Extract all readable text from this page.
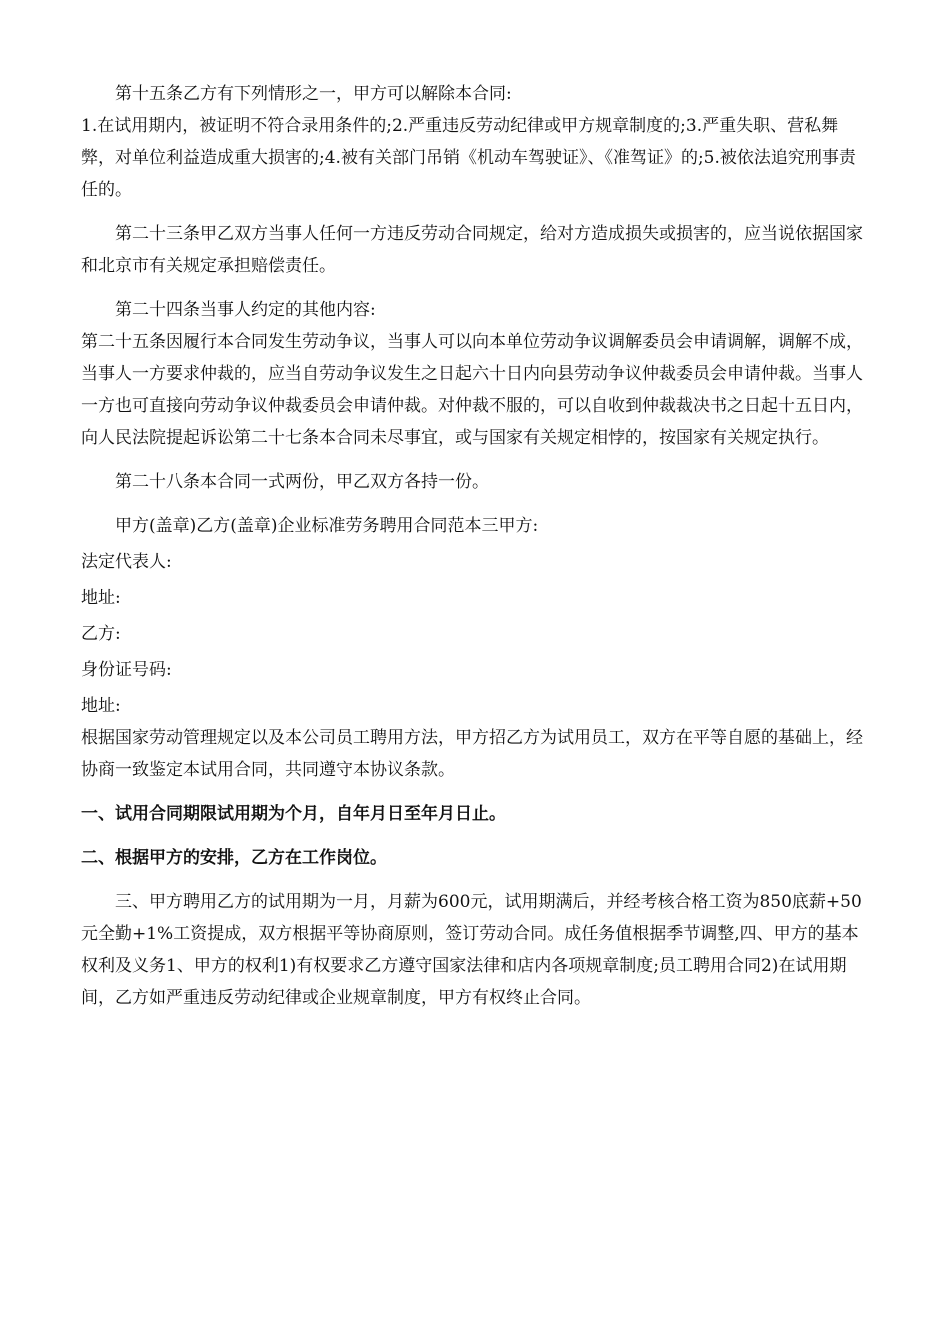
第十五条乙方有下列情形之一，甲方可以解除本合同:

1.在试用期内，被证明不符合录用条件的;2.严重违反劳动纪律或甲方规章制度的;3.严重失职、营私舞弊，对单位利益造成重大损害的;4.被有关部门吊销《机动车驾驶证》、《准驾证》的;5.被依法追究刑事责任的。

第二十三条甲乙双方当事人任何一方违反劳动合同规定，给对方造成损失或损害的，应当说依据国家和北京市有关规定承担赔偿责任。

第二十四条当事人约定的其他内容:

第二十五条因履行本合同发生劳动争议，当事人可以向本单位劳动争议调解委员会申请调解，调解不成，当事人一方要求仲裁的，应当自劳动争议发生之日起六十日内向县劳动争议仲裁委员会申请仲裁。当事人一方也可直接向劳动争议仲裁委员会申请仲裁。对仲裁不服的，可以自收到仲裁裁决书之日起十五日内，向人民法院提起诉讼第二十七条本合同未尽事宜，或与国家有关规定相悖的，按国家有关规定执行。

第二十八条本合同一式两份，甲乙双方各持一份。

甲方(盖章)乙方(盖章)企业标准劳务聘用合同范本三甲方:

法定代表人:

地址:

乙方:

身份证号码:

地址:

根据国家劳动管理规定以及本公司员工聘用方法，甲方招乙方为试用员工，双方在平等自愿的基础上，经协商一致鉴定本试用合同，共同遵守本协议条款。

一、试用合同期限试用期为个月，自年月日至年月日止。

二、根据甲方的安排，乙方在工作岗位。

三、甲方聘用乙方的试用期为一月，月薪为600元，试用期满后，并经考核合格工资为850底薪+50元全勤+1%工资提成，双方根据平等协商原则，签订劳动合同。成任务值根据季节调整,四、甲方的基本权利及义务1、甲方的权利1)有权要求乙方遵守国家法律和店内各项规章制度;员工聘用合同2)在试用期间，乙方如严重违反劳动纪律或企业规章制度，甲方有权终止合同。
